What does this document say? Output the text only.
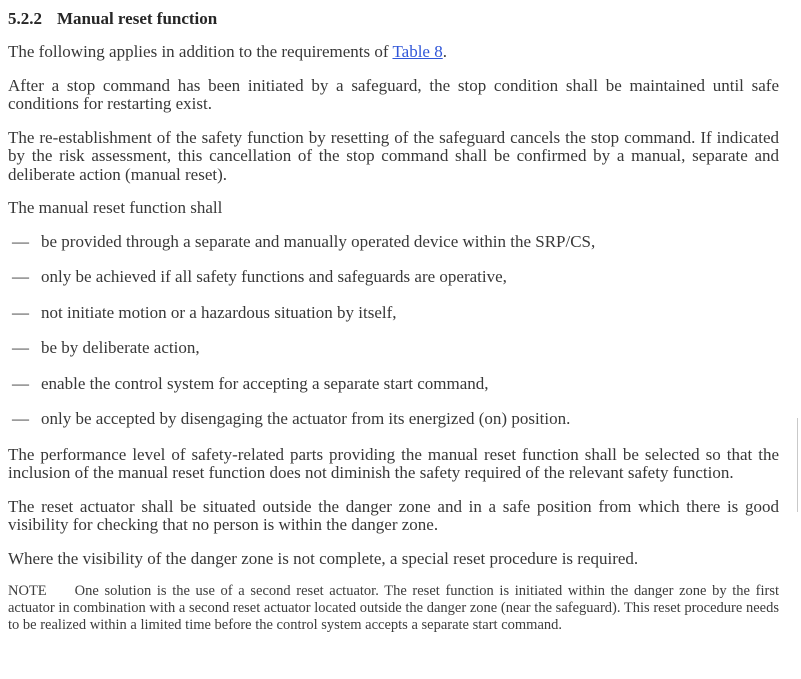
5.2.2 Manual reset function

The following applies in addition to the requirements of Table 8.

After a stop command has been initiated by a safeguard, the stop condition shall be maintained until safe conditions for restarting exist.

The re-establishment of the safety function by resetting of the safeguard cancels the stop command. If indicated by the risk assessment, this cancellation of the stop command shall be confirmed by a manual, separate and deliberate action (manual reset).

The manual reset function shall

— be provided through a separate and manually operated device within the SRP/CS,
— only be achieved if all safety functions and safeguards are operative,
— not initiate motion or a hazardous situation by itself,
— be by deliberate action,
— enable the control system for accepting a separate start command,
— only be accepted by disengaging the actuator from its energized (on) position.

The performance level of safety-related parts providing the manual reset function shall be selected so that the inclusion of the manual reset function does not diminish the safety required of the relevant safety function.

The reset actuator shall be situated outside the danger zone and in a safe position from which there is good visibility for checking that no person is within the danger zone.

Where the visibility of the danger zone is not complete, a special reset procedure is required.

NOTE One solution is the use of a second reset actuator. The reset function is initiated within the danger zone by the first actuator in combination with a second reset actuator located outside the danger zone (near the safeguard). This reset procedure needs to be realized within a limited time before the control system accepts a separate start command.
